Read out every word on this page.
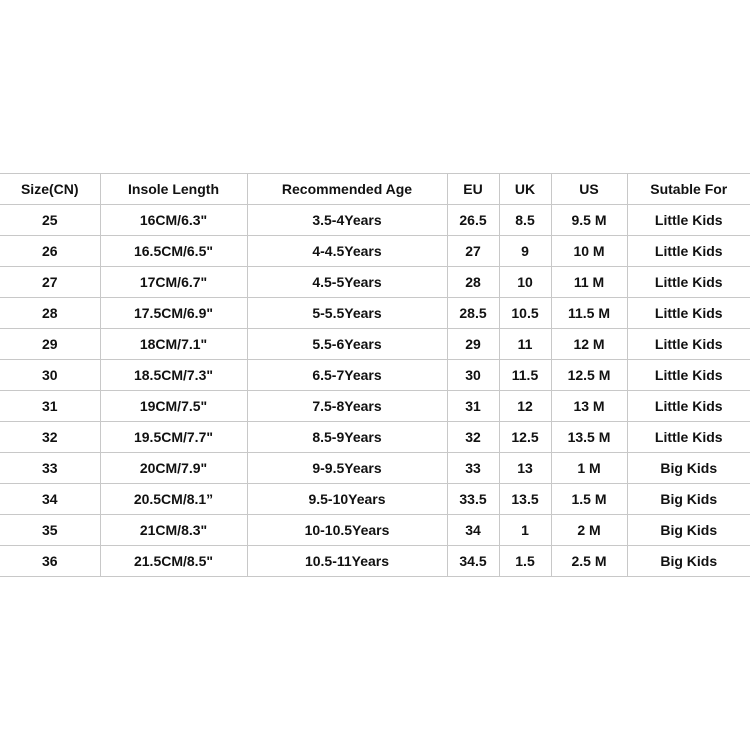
Size(CN)	Insole Length	Recommended Age	EU	UK	US	Sutable For
25	16CM/6.3"	3.5-4Years	26.5	8.5	9.5 M	Little Kids
26	16.5CM/6.5"	4-4.5Years	27	9	10 M	Little Kids
27	17CM/6.7"	4.5-5Years	28	10	11 M	Little Kids
28	17.5CM/6.9"	5-5.5Years	28.5	10.5	11.5 M	Little Kids
29	18CM/7.1"	5.5-6Years	29	11	12 M	Little Kids
30	18.5CM/7.3"	6.5-7Years	30	11.5	12.5 M	Little Kids
31	19CM/7.5"	7.5-8Years	31	12	13 M	Little Kids
32	19.5CM/7.7"	8.5-9Years	32	12.5	13.5 M	Little Kids
33	20CM/7.9"	9-9.5Years	33	13	1 M	Big Kids
34	20.5CM/8.1”	9.5-10Years	33.5	13.5	1.5 M	Big Kids
35	21CM/8.3"	10-10.5Years	34	1	2 M	Big Kids
36	21.5CM/8.5"	10.5-11Years	34.5	1.5	2.5 M	Big Kids
